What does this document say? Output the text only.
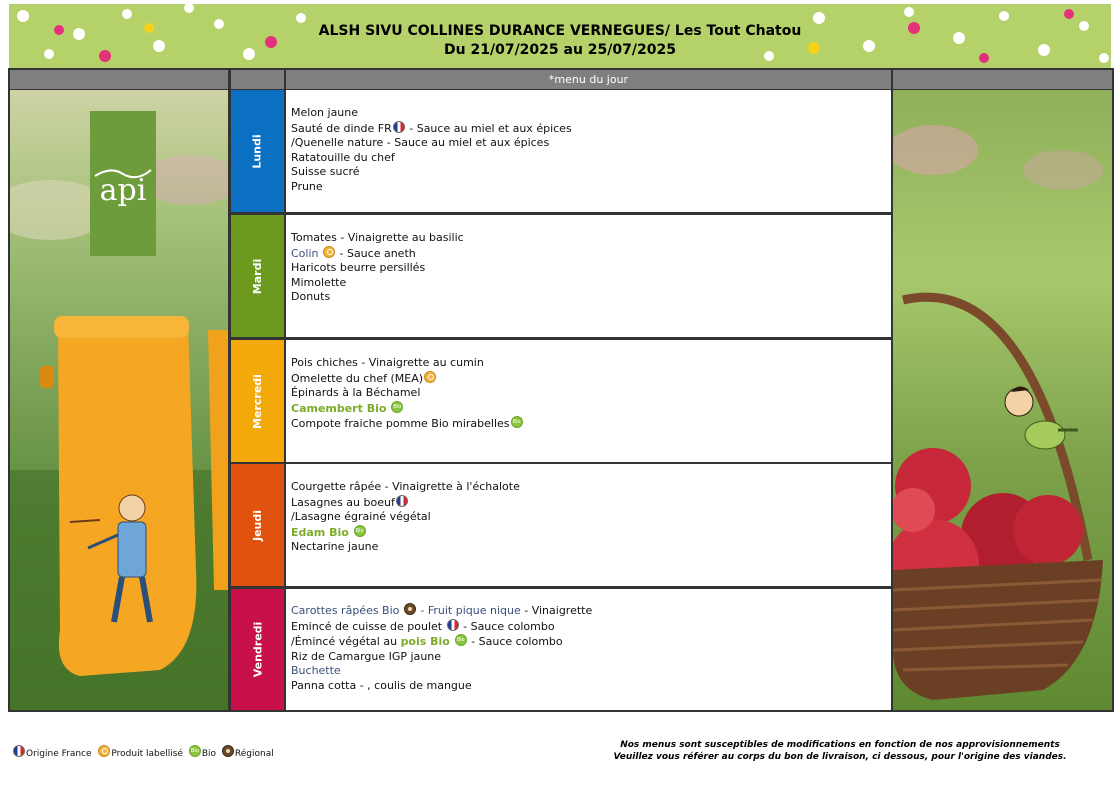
ALSH SIVU COLLINES DURANCE VERNEGUES/ Les Tout Chatou
Du 21/07/2025 au 25/07/2025
*menu du jour
api
Lundi
Mardi
Mercredi
Jeudi
Vendredi
Melon jaune
Sauté de dinde FR - Sauce au miel et aux épices
/Quenelle nature - Sauce au miel et aux épices
Ratatouille du chef
Suisse sucré
Prune
Tomates - Vinaigrette au basilic
Colin  - Sauce aneth
Haricots beurre persillés
Mimolette
Donuts
Pois chiches - Vinaigrette au cumin
Omelette du chef (MEA)
Épinards à la Béchamel
Camembert Bio Bio
Compote fraiche pomme Bio mirabellesBio
Courgette râpée - Vinaigrette à l'échalote
Lasagnes au boeuf
/Lasagne égrainé végétal
Edam Bio Bio
Nectarine jaune
Carottes râpées Bio  - Fruit pique nique - Vinaigrette
Emincé de cuisse de poulet  - Sauce colombo
/Émincé végétal au pois Bio Bio - Sauce colombo
Riz de Camargue IGP jaune
Buchette
Panna cotta - , coulis de mangue
Origine France Produit labellisé Bio Bio Régional
Nos menus sont susceptibles de modifications en fonction de nos approvisionnements
Veuillez vous référer au corps du bon de livraison, ci dessous, pour l'origine des viandes.
